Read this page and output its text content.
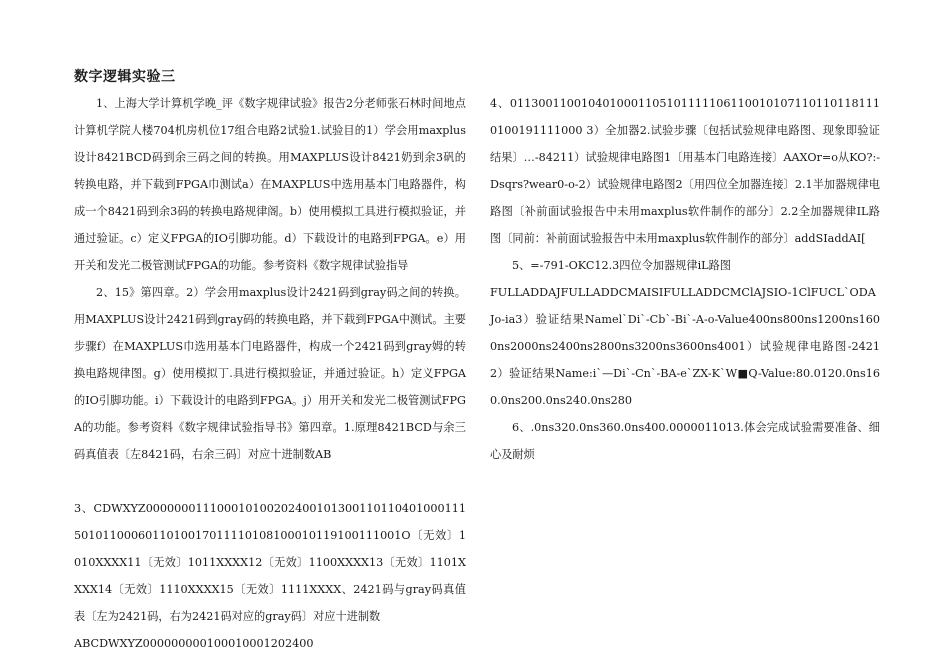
数字逻辑实验三

1、上海大学计算机学晚_评《数字规律试验》报告2分老师张石林时间地点计算机学院人楼704机房机位17组合电路2试验1.试验目的1）学会用maxplus设计8421BCD码到余三码之间的转换。用MAXPLUS设计8421奶到余3矾的转换电路，并下载到FPGA巾测试a）在MAXPLUS中选用基本门电路器件，构成一个8421码到余3码的转换电路规律阁。b）使用模拟工具进行模拟验证，并通过验证。c）定义FPGA的IO引脚功能。d）下载设计的电路到FPGA。e）用开关和发光二极管测试FPGA的功能。参考资料《数字规律试验指导

2、15》第四章。2）学会用maxplus设计2421码到gray码之间的转换。用MAXPLUS设计2421码到gray码的转换电路，并下载到FPGA中测试。主要步骤f）在MAXPLUS巾选用基本门电路器件，构成一个2421码到gray姆的转换电路规律图。g）使用模拟丁.具进行模拟验证，并通过验证。h）定义FPGA的IO引脚功能。i）下载设计的电路到FPGA。j）用开关和发光二极管测试FPGA的功能。参考资料《数字规律试验指导书》第四章。1.原理8421BCD与余三码真值表〔左8421码，右余三码〕对应十进制数AB

3、CDWXYZ0000000111000101002024001013001101104010001115010110006011010017011110108100010119100111001O〔无效〕1010XXXX11〔无效〕1011XXXX12〔无效〕1100XXXX13〔无效〕1101XXXX14〔无效〕1110XXXX15〔无效〕1111XXXX、2421码与gray码真值表〔左为2421码，右为2421码对应的gray码〕对应十进制数

ABCDWXYZ000000000100010001202400

4、01130011001040100011051011111061100101071101101181110100191111000 3）全加器2.试验步骤〔包括试验规律电路图、现象即验证结果〕…-84211）试验规律电路图1〔用基本门电路连接〕AAXOr=o从KO?:-Dsqrs?wear0-o-2）试验规律电路图2〔用四位全加器连接〕2.1半加器规律电路图〔补前面试验报告中未用maxplus软件制作的部分〕2.2全加器规律IL路图〔同前：补前面试验报告中未用maxplus软件制作的部分〕addSIaddAI[

5、=-791-OKC12.3四位令加器规律iL路图

FULLADDAJFULLADDCMAISIFULLADDCMClAJSIO-1ClFUCL`ODAJo-ia3）验证结果Namel`Di`-Cb`-Bi`-A-o-Value400ns800ns1200ns1600ns2000ns2400ns2800ns3200ns3600ns4001）试验规律电路图-24212）验证结果Name:i`—Di`-Cn`-BA-e`ZX-K`W■Q-Value:80.0120.0ns160.0ns200.0ns240.0ns280

6、.0ns320.0ns360.0ns400.0000011013.体会完成试验需要准备、细心及耐烦
